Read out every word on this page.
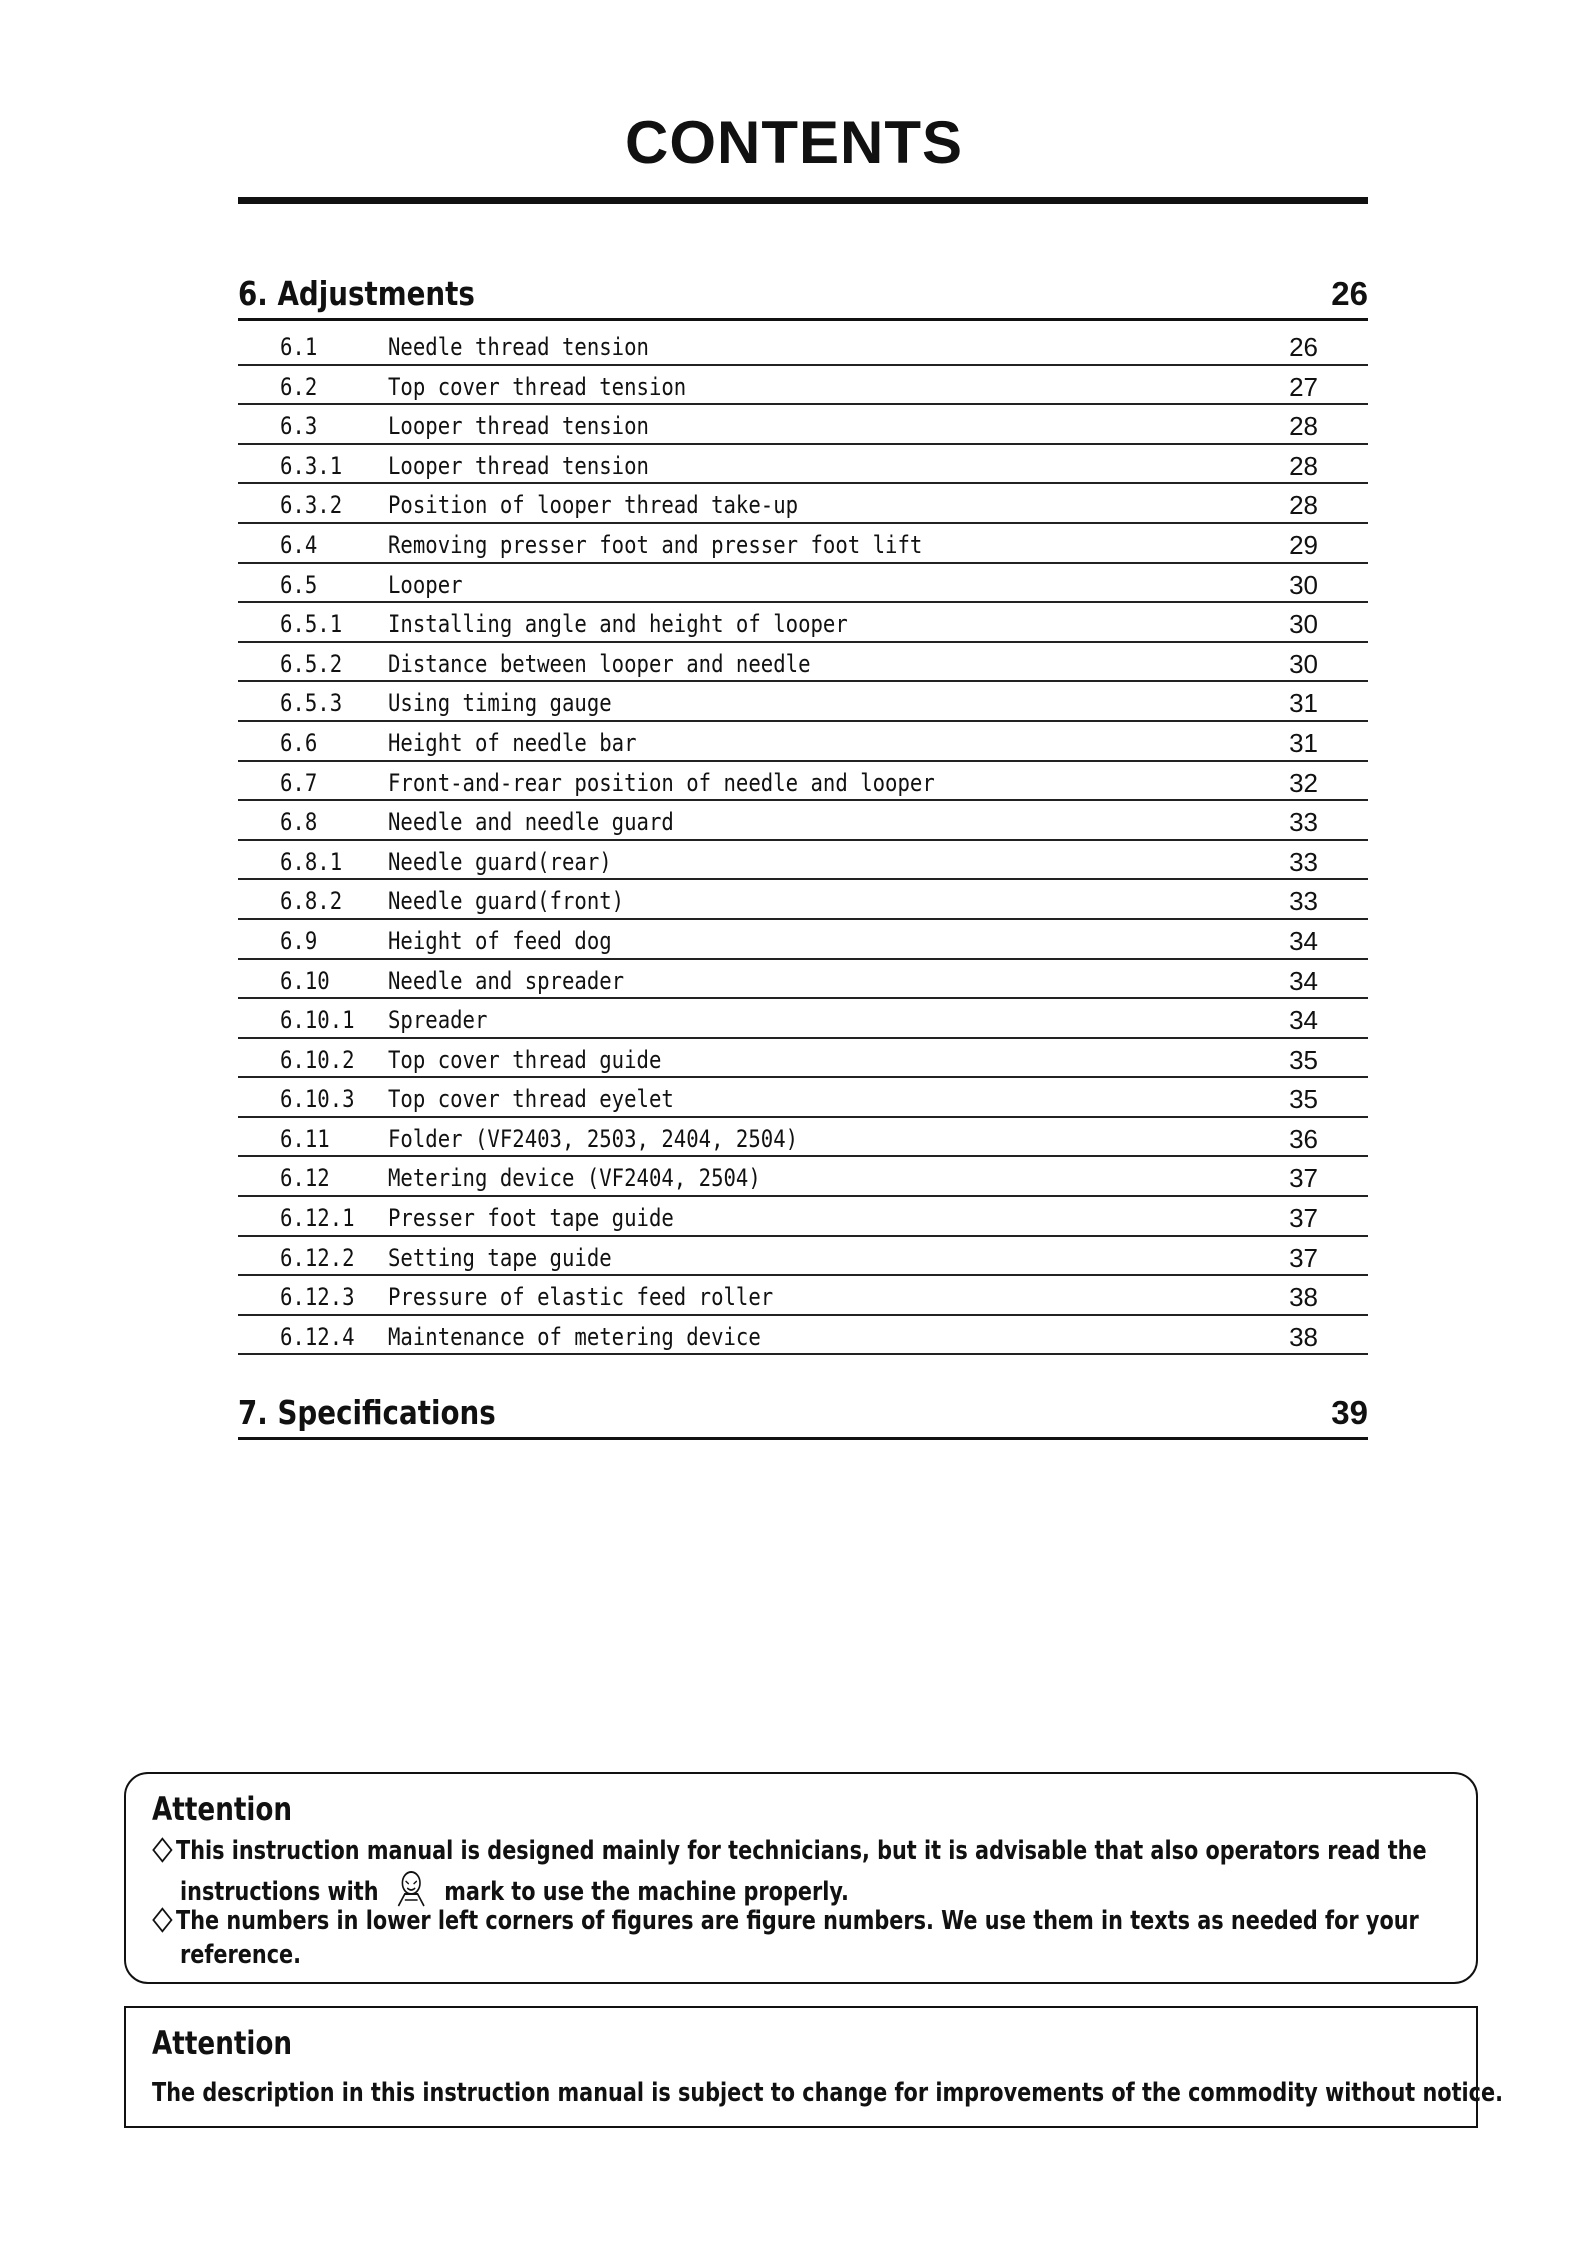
CONTENTS
6. Adjustments	26
6.1	Needle thread tension	26
6.2	Top cover thread tension	27
6.3	Looper thread tension	28
6.3.1 Looper thread tension	28
6.3.2 Position of looper thread take-up	28
6.4	Removing presser foot and presser foot lift	29
6.5	Looper	30
6.5.1 Installing angle and height of looper	30
6.5.2 Distance between looper and needle	30
6.5.3 Using timing gauge	31
6.6	Height of needle bar	31
6.7	Front-and-rear position of needle and looper	32
6.8	Needle and needle guard	33
6.8.1 Needle guard(rear)	33
6.8.2 Needle guard(front)	33
6.9	Height of feed dog	34
6.10 Needle and spreader	34
6.10.1 Spreader	34
6.10.2 Top cover thread guide	35
6.10.3 Top cover thread eyelet	35
6.11 Folder (VF2403, 2503, 2404, 2504)	36
6.12 Metering device (VF2404, 2504)	37
6.12.1 Presser foot tape guide	37
6.12.2 Setting tape guide	37
6.12.3 Pressure of elastic feed roller	38
6.12.4 Maintenance of metering device	38
7. Specifications	39
Attention
This instruction manual is designed mainly for technicians, but it is advisable that also operators read the
instructions with	mark to use the machine properly.
The numbers in lower left corners of figures are figure numbers. We use them in texts as needed for your
reference.
Attention
The description in this instruction manual is subject to change for improvements of the commodity without notice.
